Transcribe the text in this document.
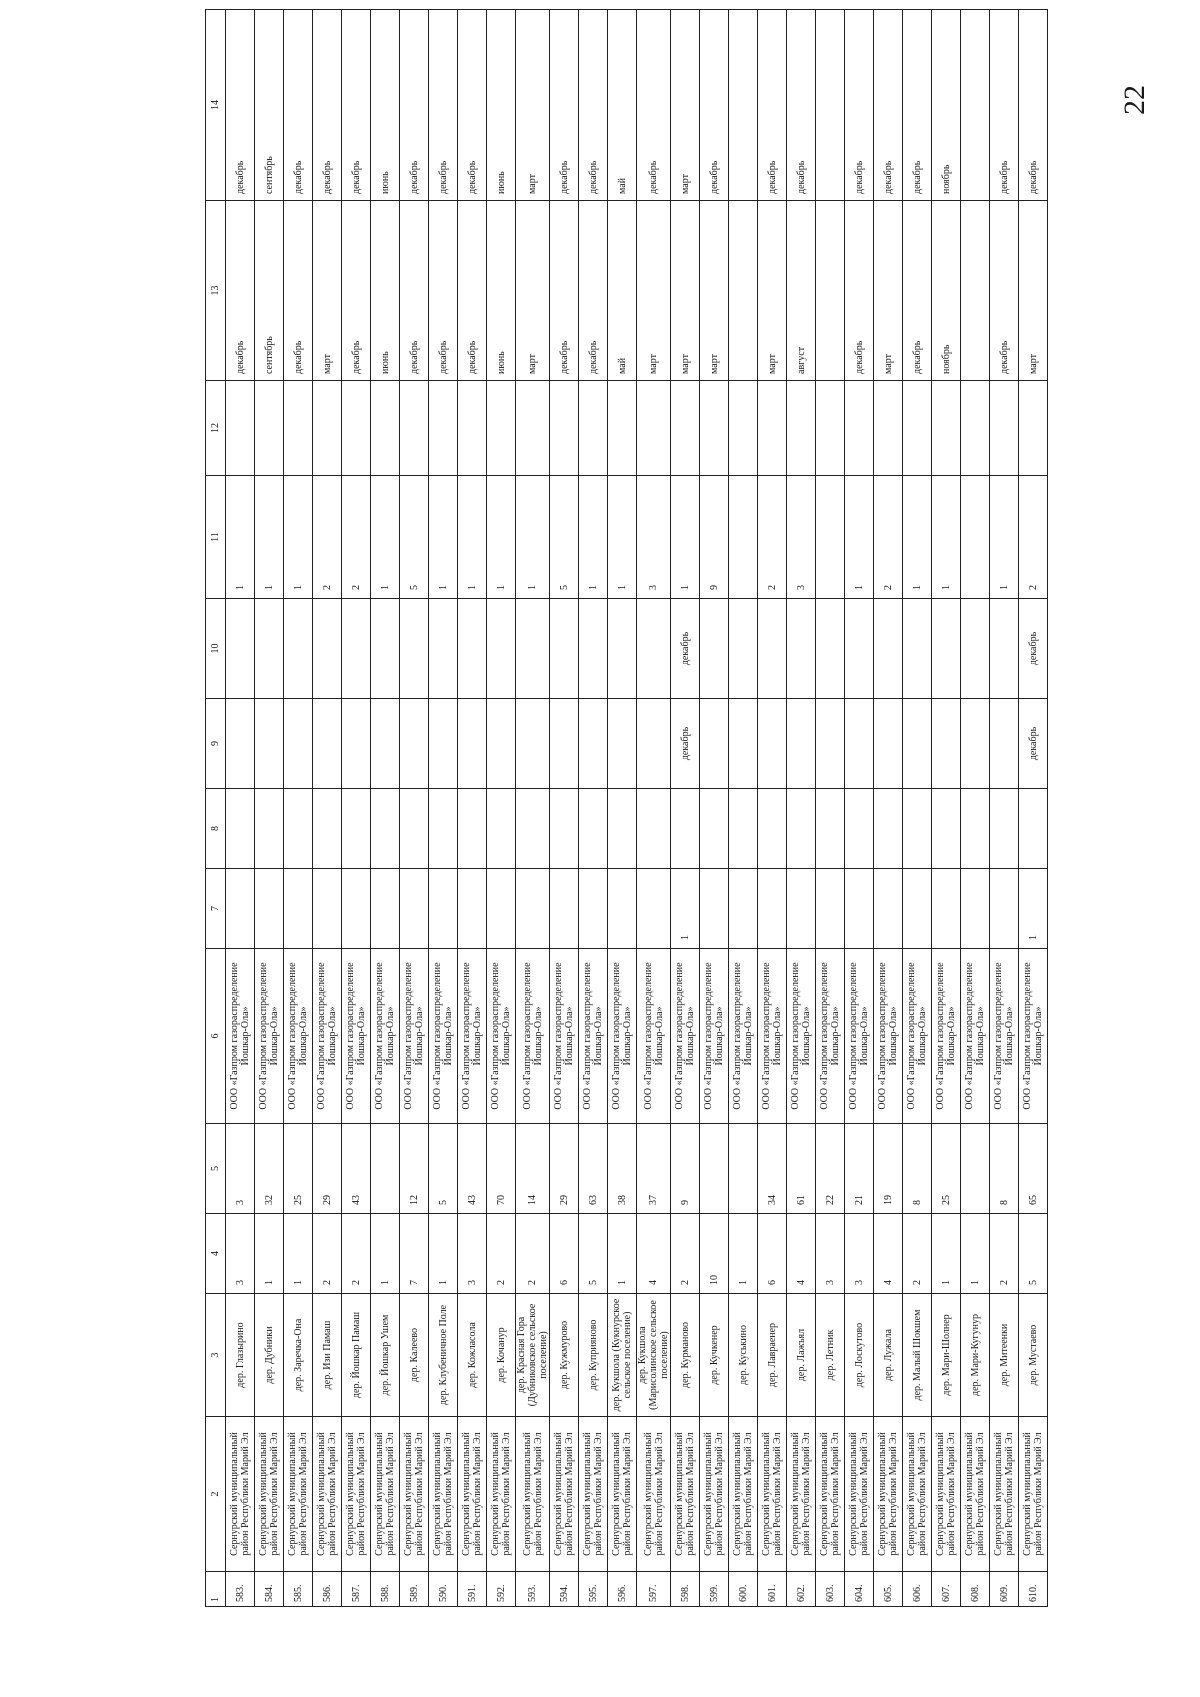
22
1	2	3	4	5	6	7	8	9	10	11	12	13	14
583.	Сернурский муниципальный район Республики Марий Эл	дер. Глазырино	3	3	ООО «Газпром газораспределение Йошкар-Ола»					1		декабрь	декабрь
584.	Сернурский муниципальный район Республики Марий Эл	дер. Дубники	1	32	ООО «Газпром газораспределение Йошкар-Ола»					1		сентябрь	сентябрь
585.	Сернурский муниципальный район Республики Марий Эл	дер. Заречка-Она	1	25	ООО «Газпром газораспределение Йошкар-Ола»					1		декабрь	декабрь
586.	Сернурский муниципальный район Республики Марий Эл	дер. Изи Памаш	2	29	ООО «Газпром газораспределение Йошкар-Ола»					2		март	декабрь
587.	Сернурский муниципальный район Республики Марий Эл	дер. Йошкар Памаш	2	43	ООО «Газпром газораспределение Йошкар-Ола»					2		декабрь	декабрь
588.	Сернурский муниципальный район Республики Марий Эл	дер. Йошкар Ушем	1		ООО «Газпром газораспределение Йошкар-Ола»					1		июнь	июнь
589.	Сернурский муниципальный район Республики Марий Эл	дер. Калеево	7	12	ООО «Газпром газораспределение Йошкар-Ола»					5		декабрь	декабрь
590.	Сернурский муниципальный район Республики Марий Эл	дер. Клубеничное Поле	1	5	ООО «Газпром газораспределение Йошкар-Ола»					1		декабрь	декабрь
591.	Сернурский муниципальный район Республики Марий Эл	дер. Кожласола	3	43	ООО «Газпром газораспределение Йошкар-Ола»					1		декабрь	декабрь
592.	Сернурский муниципальный район Республики Марий Эл	дер. Кочанур	2	70	ООО «Газпром газораспределение Йошкар-Ола»					1		июнь	июнь
593.	Сернурский муниципальный район Республики Марий Эл	дер. Красная Гора (Дубниковское сельское поселение)	2	14	ООО «Газпром газораспределение Йошкар-Ола»					1		март	март
594.	Сернурский муниципальный район Республики Марий Эл	дер. Кужмурово	6	29	ООО «Газпром газораспределение Йошкар-Ола»					5		декабрь	декабрь
595.	Сернурский муниципальный район Республики Марий Эл	дер. Куприяново	5	63	ООО «Газпром газораспределение Йошкар-Ола»					1		декабрь	декабрь
596.	Сернурский муниципальный район Республики Марий Эл	дер. Кукшола (Кукнурское сельское поселение)	1	38	ООО «Газпром газораспределение Йошкар-Ола»					1		май	май
597.	Сернурский муниципальный район Республики Марий Эл	дер. Кукшола (Марисолинское сельское поселение)	4	37	ООО «Газпром газораспределение Йошкар-Ола»					3		март	декабрь
598.	Сернурский муниципальный район Республики Марий Эл	дер. Курманово	2	9	ООО «Газпром газораспределение Йошкар-Ола»	1		декабрь	декабрь	1		март	март
599.	Сернурский муниципальный район Республики Марий Эл	дер. Кучкенер	10		ООО «Газпром газораспределение Йошкар-Ола»					9		март	декабрь
600.	Сернурский муниципальный район Республики Марий Эл	дер. Куськино	1		ООО «Газпром газораспределение Йошкар-Ола»								
601.	Сернурский муниципальный район Республики Марий Эл	дер. Лаврaенер	6	34	ООО «Газпром газораспределение Йошкар-Ола»					2		март	декабрь
602.	Сернурский муниципальный район Республики Марий Эл	дер. Лажъял	4	61	ООО «Газпром газораспределение Йошкар-Ола»					3		август	декабрь
603.	Сернурский муниципальный район Республики Марий Эл	дер. Летник	3	22	ООО «Газпром газораспределение Йошкар-Ола»								
604.	Сернурский муниципальный район Республики Марий Эл	дер. Лоскутово	3	21	ООО «Газпром газораспределение Йошкар-Ола»					1		декабрь	декабрь
605.	Сернурский муниципальный район Республики Марий Эл	дер. Лужала	4	19	ООО «Газпром газораспределение Йошкар-Ола»					2		март	декабрь
606.	Сернурский муниципальный район Республики Марий Эл	дер. Малый Шокшем	2	8	ООО «Газпром газораспределение Йошкар-Ола»					1		декабрь	декабрь
607.	Сернурский муниципальный район Республики Марий Эл	дер. Мари-Шолнер	1	25	ООО «Газпром газораспределение Йошкар-Ола»					1		ноябрь	ноябрь
608.	Сернурский муниципальный район Республики Марий Эл	дер. Мари-Кугунур	1		ООО «Газпром газораспределение Йошкар-Ола»								
609.	Сернурский муниципальный район Республики Марий Эл	дер. Митеенки	2	8	ООО «Газпром газораспределение Йошкар-Ола»					1		декабрь	декабрь
610.	Сернурский муниципальный район Республики Марий Эл	дер. Мустаево	5	65	ООО «Газпром газораспределение Йошкар-Ола»	1		декабрь	декабрь	2		март	декабрь
